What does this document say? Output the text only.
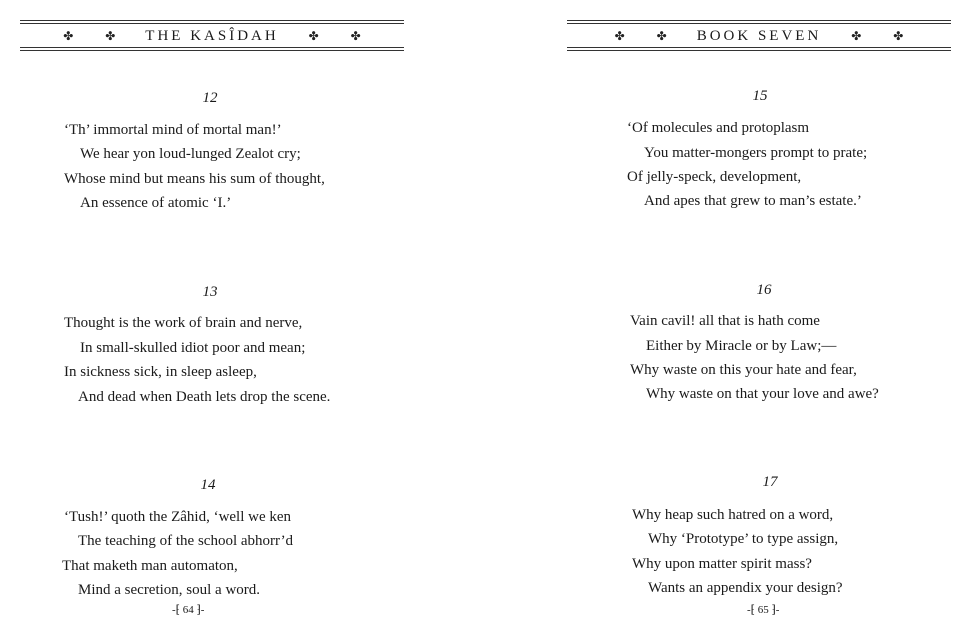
✤	✤ THE KASÎDAH ✤	✤
12
‘Th’ immortal mind of mortal man!’
We hear yon loud-lunged Zealot cry;
Whose mind but means his sum of thought,
An essence of atomic ‘I.’
13
Thought is the work of brain and nerve,
In small-skulled idiot poor and mean;
In sickness sick, in sleep asleep,
And dead when Death lets drop the scene.
14
‘Tush!’ quoth the Zâhid, ‘well we ken
The teaching of the school abhorr’d
That maketh man automaton,
Mind a secretion, soul a word.
-⁅ 64 ⁆-
✤	✤ BOOK SEVEN ✤	✤
15
‘Of molecules and protoplasm
You matter-mongers prompt to prate;
Of jelly-speck, development,
And apes that grew to man’s estate.’
16
Vain cavil! all that is hath come
Either by Miracle or by Law;—
Why waste on this your hate and fear,
Why waste on that your love and awe?
17
Why heap such hatred on a word,
Why ‘Prototype’ to type assign,
Why upon matter spirit mass?
Wants an appendix your design?
-⁅ 65 ⁆-
